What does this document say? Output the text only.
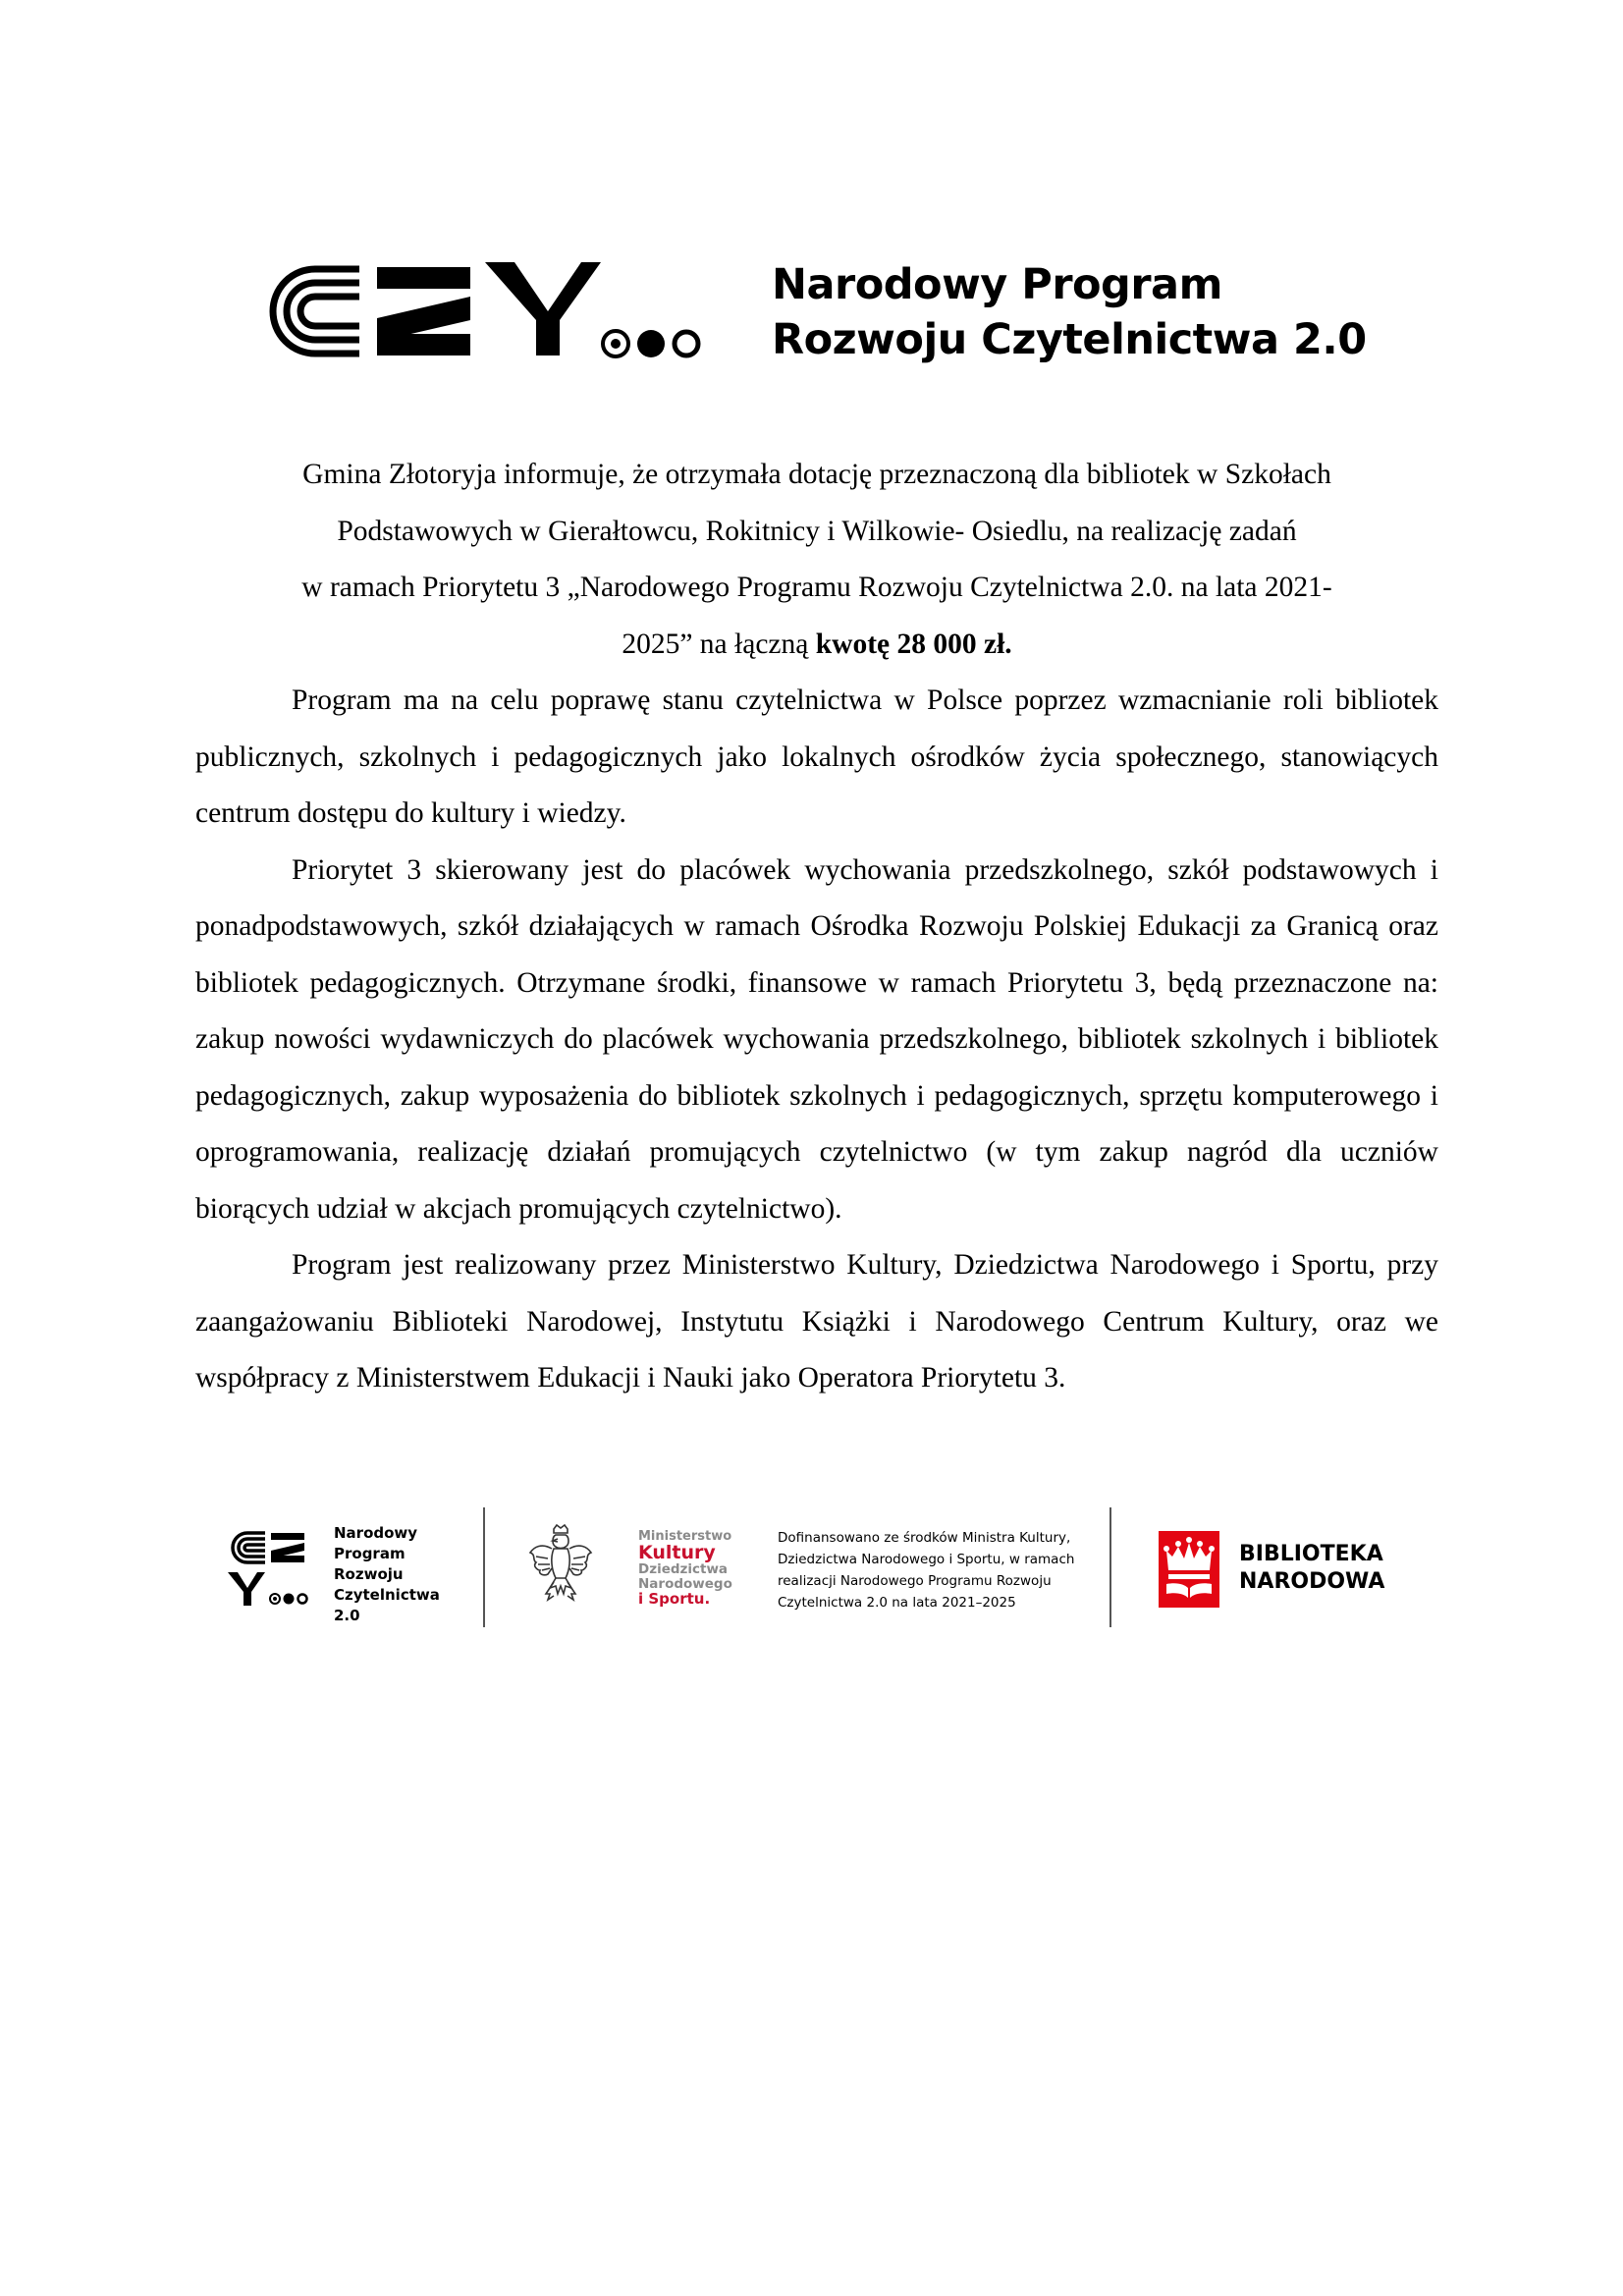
Narodowy Program
Rozwoju Czytelnictwa 2.0

Gmina Złotoryja informuje, że otrzymała dotację przeznaczoną dla bibliotek w Szkołach
Podstawowych w Gierałtowcu, Rokitnicy i Wilkowie- Osiedlu, na realizację zadań
w ramach Priorytetu 3 „Narodowego Programu Rozwoju Czytelnictwa 2.0. na lata 2021-
2025” na łączną kwotę 28 000 zł.

Program ma na celu poprawę stanu czytelnictwa w Polsce poprzez wzmacnianie roli bibliotek publicznych, szkolnych i pedagogicznych jako lokalnych ośrodków życia społecznego, stanowiących centrum dostępu do kultury i wiedzy.

Priorytet 3 skierowany jest do placówek wychowania przedszkolnego, szkół podstawowych i ponadpodstawowych, szkół działających w ramach Ośrodka Rozwoju Polskiej Edukacji za Granicą oraz bibliotek pedagogicznych. Otrzymane środki, finansowe w ramach Priorytetu 3, będą przeznaczone na: zakup nowości wydawniczych do placówek wychowania przedszkolnego, bibliotek szkolnych i bibliotek pedagogicznych, zakup wyposażenia do bibliotek szkolnych i pedagogicznych, sprzętu komputerowego i oprogramowania, realizację działań promujących czytelnictwo (w tym zakup nagród dla uczniów biorących udział w akcjach promujących czytelnictwo).

Program jest realizowany przez Ministerstwo Kultury, Dziedzictwa Narodowego i Sportu, przy zaangażowaniu Biblioteki Narodowej, Instytutu Książki i Narodowego Centrum Kultury, oraz we współpracy z Ministerstwem Edukacji i Nauki jako Operatora Priorytetu 3.

Narodowy
Program
Rozwoju
Czytelnictwa
2.0
Ministerstwo
Kultury
Dziedzictwa
Narodowego
i Sportu.
Dofinansowano ze środków Ministra Kultury,
Dziedzictwa Narodowego i Sportu, w ramach
realizacji Narodowego Programu Rozwoju
Czytelnictwa 2.0 na lata 2021–2025
BIBLIOTEKA
NARODOWA
